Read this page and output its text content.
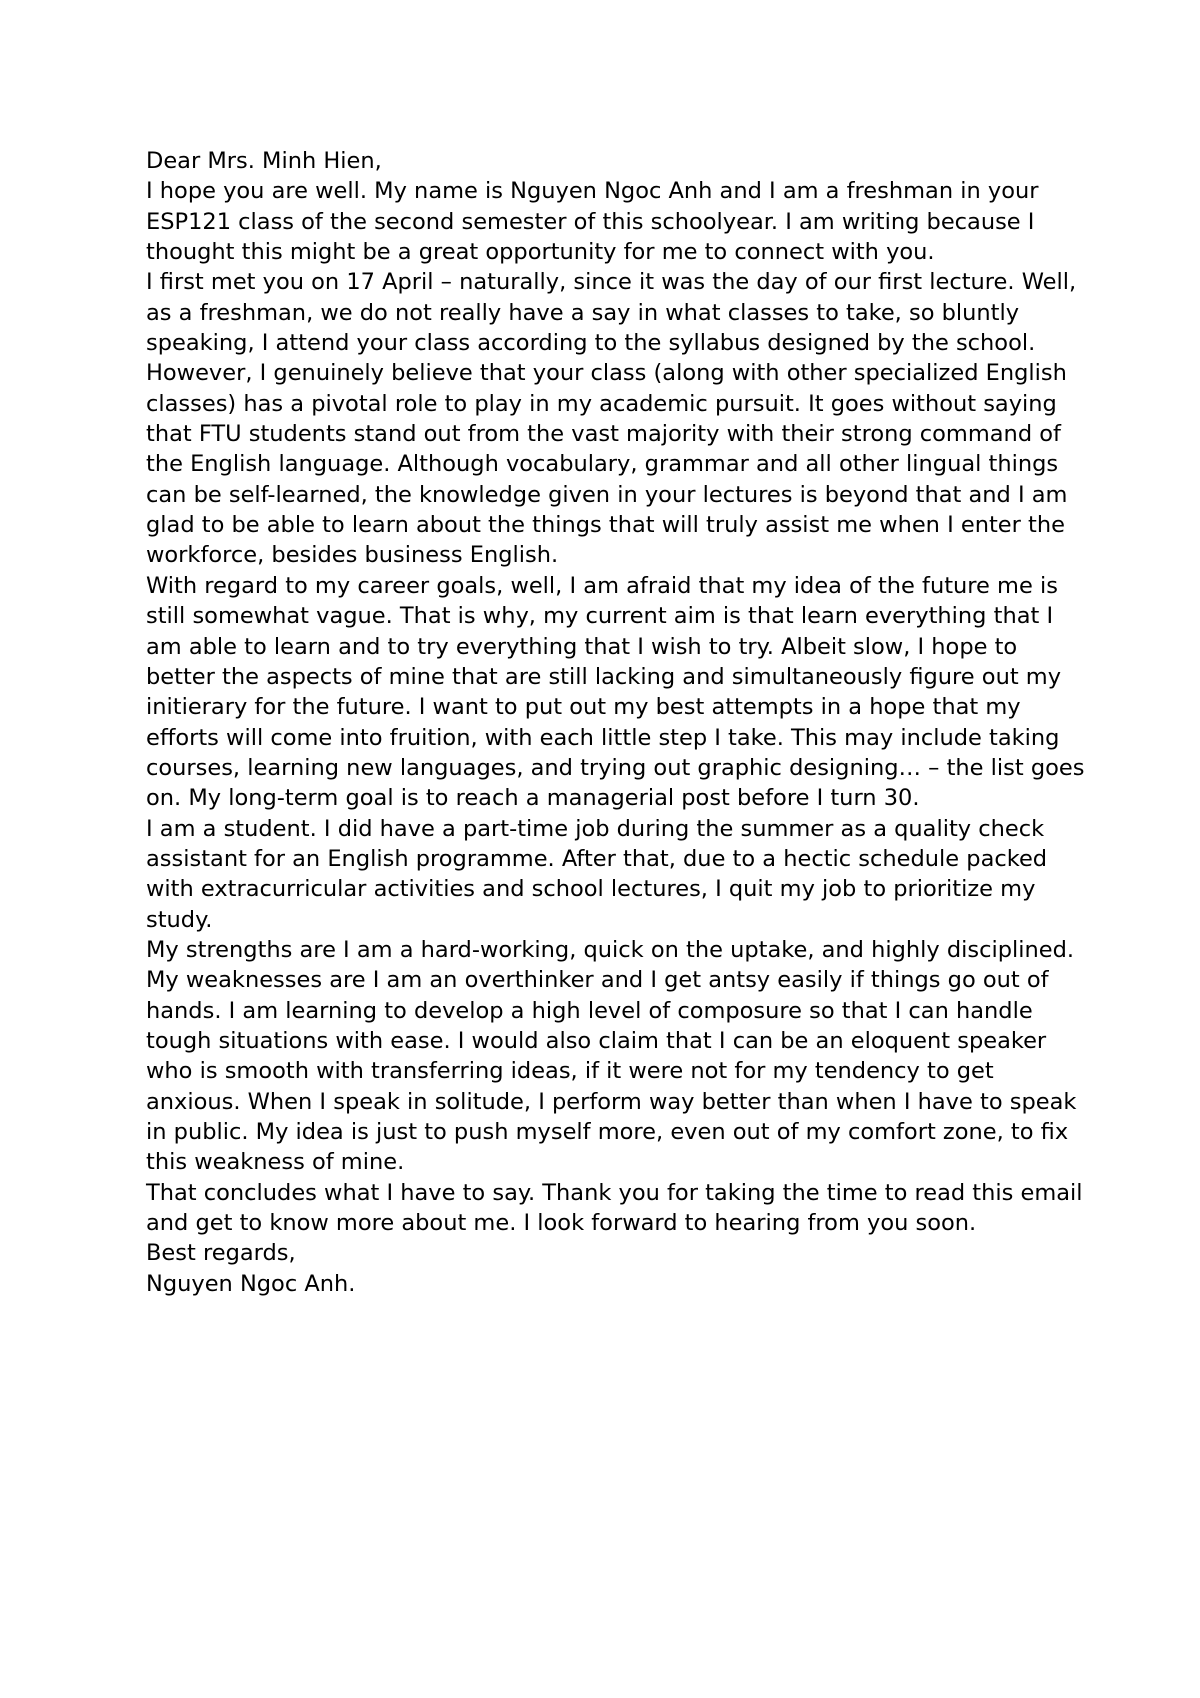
Dear Mrs. Minh Hien,

I hope you are well. My name is Nguyen Ngoc Anh and I am a freshman in your ESP121 class of the second semester of this schoolyear. I am writing because I thought this might be a great opportunity for me to connect with you.

I first met you on 17 April – naturally, since it was the day of our first lecture. Well, as a freshman, we do not really have a say in what classes to take, so bluntly speaking, I attend your class according to the syllabus designed by the school. However, I genuinely believe that your class (along with other specialized English classes) has a pivotal role to play in my academic pursuit. It goes without saying that FTU students stand out from the vast majority with their strong command of the English language. Although vocabulary, grammar and all other lingual things can be self-learned, the knowledge given in your lectures is beyond that and I am glad to be able to learn about the things that will truly assist me when I enter the workforce, besides business English.

With regard to my career goals, well, I am afraid that my idea of the future me is still somewhat vague. That is why, my current aim is that learn everything that I am able to learn and to try everything that I wish to try. Albeit slow, I hope to better the aspects of mine that are still lacking and simultaneously figure out my initierary for the future. I want to put out my best attempts in a hope that my efforts will come into fruition, with each little step I take. This may include taking courses, learning new languages, and trying out graphic designing… – the list goes on. My long-term goal is to reach a managerial post before I turn 30.

I am a student. I did have a part-time job during the summer as a quality check assistant for an English programme. After that, due to a hectic schedule packed with extracurricular activities and school lectures, I quit my job to prioritize my study.

My strengths are I am a hard-working, quick on the uptake, and highly disciplined. My weaknesses are I am an overthinker and I get antsy easily if things go out of hands. I am learning to develop a high level of composure so that I can handle tough situations with ease. I would also claim that I can be an eloquent speaker who is smooth with transferring ideas, if it were not for my tendency to get anxious. When I speak in solitude, I perform way better than when I have to speak in public. My idea is just to push myself more, even out of my comfort zone, to fix this weakness of mine.

That concludes what I have to say. Thank you for taking the time to read this email and get to know more about me. I look forward to hearing from you soon.

Best regards,

Nguyen Ngoc Anh.
